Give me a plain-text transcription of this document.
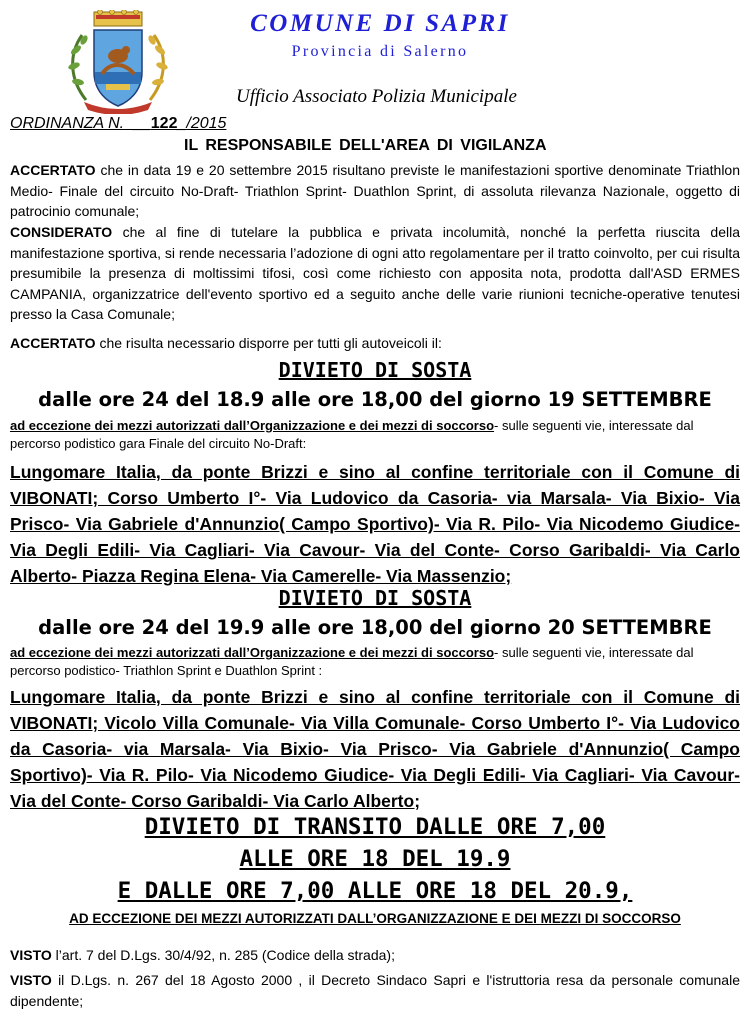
COMUNE DI SAPRI
Provincia di Salerno
Ufficio Associato Polizia Municipale
ORDINANZA N.  __122_/2015
IL RESPONSABILE DELL'AREA DI VIGILANZA
ACCERTATO che in data 19 e 20 settembre 2015 risultano previste le manifestazioni sportive denominate Triathlon Medio- Finale del circuito No-Draft- Triathlon Sprint- Duathlon Sprint, di assoluta rilevanza Nazionale, oggetto di patrocinio comunale;
CONSIDERATO che al fine di tutelare la pubblica e privata incolumità, nonché la perfetta riuscita della manifestazione sportiva, si rende necessaria l’adozione di ogni atto regolamentare per il tratto coinvolto, per cui risulta presumibile la presenza di moltissimi tifosi, così come richiesto con apposita nota, prodotta dall'ASD ERMES CAMPANIA, organizzatrice dell'evento sportivo ed a seguito anche delle varie riunioni tecniche-operative tenutesi presso la Casa Comunale;
ACCERTATO che risulta necessario disporre per tutti gli autoveicoli il:
DIVIETO DI SOSTA
dalle ore 24 del 18.9 alle ore 18,00 del giorno 19 SETTEMBRE
ad eccezione dei mezzi autorizzati dall’Organizzazione e dei mezzi di soccorso- sulle seguenti vie, interessate dal percorso podistico gara Finale del circuito No-Draft:
Lungomare Italia, da ponte Brizzi e sino al confine territoriale con il Comune di VIBONATI; Corso Umberto I°- Via Ludovico da Casoria- via Marsala- Via Bixio- Via Prisco- Via Gabriele d'Annunzio( Campo Sportivo)- Via R. Pilo- Via Nicodemo Giudice- Via Degli Edili- Via Cagliari- Via Cavour- Via del Conte- Corso Garibaldi- Via Carlo Alberto- Piazza Regina Elena- Via Camerelle- Via Massenzio;
DIVIETO DI SOSTA
dalle ore 24 del 19.9 alle ore 18,00 del giorno 20 SETTEMBRE
ad eccezione dei mezzi autorizzati dall’Organizzazione e dei mezzi di soccorso- sulle seguenti vie, interessate dal percorso podistico- Triathlon Sprint e Duathlon Sprint :
Lungomare Italia, da ponte Brizzi e sino al confine territoriale con il Comune di VIBONATI; Vicolo Villa Comunale- Via Villa Comunale- Corso Umberto I°- Via Ludovico da Casoria- via Marsala- Via Bixio- Via Prisco- Via Gabriele d'Annunzio( Campo Sportivo)- Via R. Pilo- Via Nicodemo Giudice- Via Degli Edili- Via Cagliari- Via Cavour- Via del Conte- Corso Garibaldi- Via Carlo Alberto;
DIVIETO DI TRANSITO DALLE ORE 7,00
ALLE ORE 18 DEL 19.9
E DALLE ORE 7,00 ALLE ORE 18 DEL 20.9,
AD ECCEZIONE DEI MEZZI AUTORIZZATI DALL’ORGANIZZAZIONE E DEI MEZZI DI SOCCORSO
VISTO l’art. 7 del D.Lgs. 30/4/92, n. 285 (Codice della strada);
VISTO il D.Lgs. n. 267 del 18 Agosto 2000 , il Decreto Sindaco Sapri e l'istruttoria resa da personale comunale dipendente;
